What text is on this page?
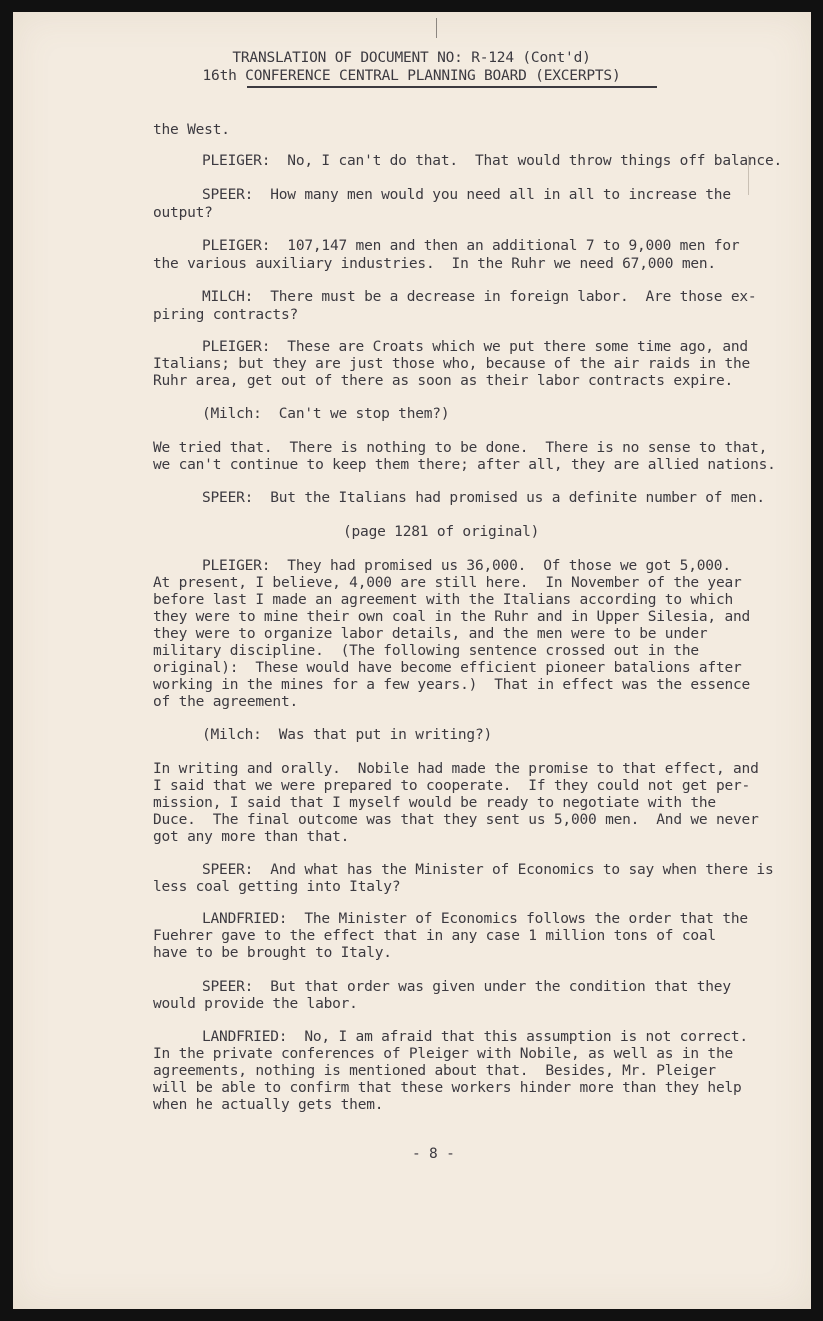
TRANSLATION OF DOCUMENT NO: R-124 (Cont'd)
16th CONFERENCE CENTRAL PLANNING BOARD (EXCERPTS)
the West.
PLEIGER:  No, I can't do that.  That would throw things off balance.
SPEER:  How many men would you need all in all to increase the
output?
PLEIGER:  107,147 men and then an additional 7 to 9,000 men for
the various auxiliary industries.  In the Ruhr we need 67,000 men.
MILCH:  There must be a decrease in foreign labor.  Are those ex-
piring contracts?
PLEIGER:  These are Croats which we put there some time ago, and
Italians; but they are just those who, because of the air raids in the
Ruhr area, get out of there as soon as their labor contracts expire.
(Milch:  Can't we stop them?)
We tried that.  There is nothing to be done.  There is no sense to that,
we can't continue to keep them there; after all, they are allied nations.
SPEER:  But the Italians had promised us a definite number of men.
(page 1281 of original)
PLEIGER:  They had promised us 36,000.  Of those we got 5,000.
At present, I believe, 4,000 are still here.  In November of the year
before last I made an agreement with the Italians according to which
they were to mine their own coal in the Ruhr and in Upper Silesia, and
they were to organize labor details, and the men were to be under
military discipline.  (The following sentence crossed out in the
original):  These would have become efficient pioneer batalions after
working in the mines for a few years.)  That in effect was the essence
of the agreement.
(Milch:  Was that put in writing?)
In writing and orally.  Nobile had made the promise to that effect, and
I said that we were prepared to cooperate.  If they could not get per-
mission, I said that I myself would be ready to negotiate with the
Duce.  The final outcome was that they sent us 5,000 men.  And we never
got any more than that.
SPEER:  And what has the Minister of Economics to say when there is
less coal getting into Italy?
LANDFRIED:  The Minister of Economics follows the order that the
Fuehrer gave to the effect that in any case 1 million tons of coal
have to be brought to Italy.
SPEER:  But that order was given under the condition that they
would provide the labor.
LANDFRIED:  No, I am afraid that this assumption is not correct.
In the private conferences of Pleiger with Nobile, as well as in the
agreements, nothing is mentioned about that.  Besides, Mr. Pleiger
will be able to confirm that these workers hinder more than they help
when he actually gets them.
- 8 -
